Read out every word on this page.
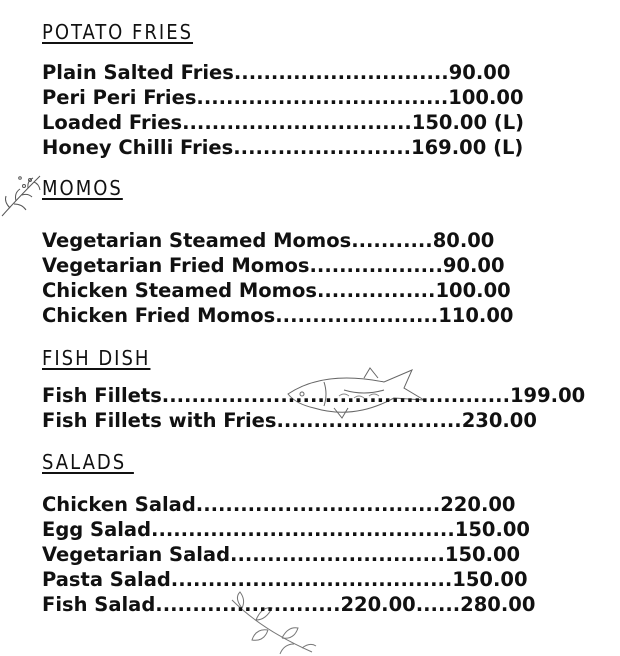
POTATO FRIES
Plain Salted Fries.............................90.00
Peri Peri Fries..................................100.00
Loaded Fries...............................150.00 (L)
Honey Chilli Fries........................169.00 (L)
MOMOS
Vegetarian Steamed Momos...........80.00
Vegetarian Fried Momos..................90.00
Chicken Steamed Momos................100.00
Chicken Fried Momos......................110.00
FISH DISH
Fish Fillets...............................................199.00
Fish Fillets with Fries.........................230.00
SALADS
Chicken Salad.................................220.00
Egg Salad.........................................150.00
Vegetarian Salad.............................150.00
Pasta Salad......................................150.00
Fish Salad.........................220.00......280.00
